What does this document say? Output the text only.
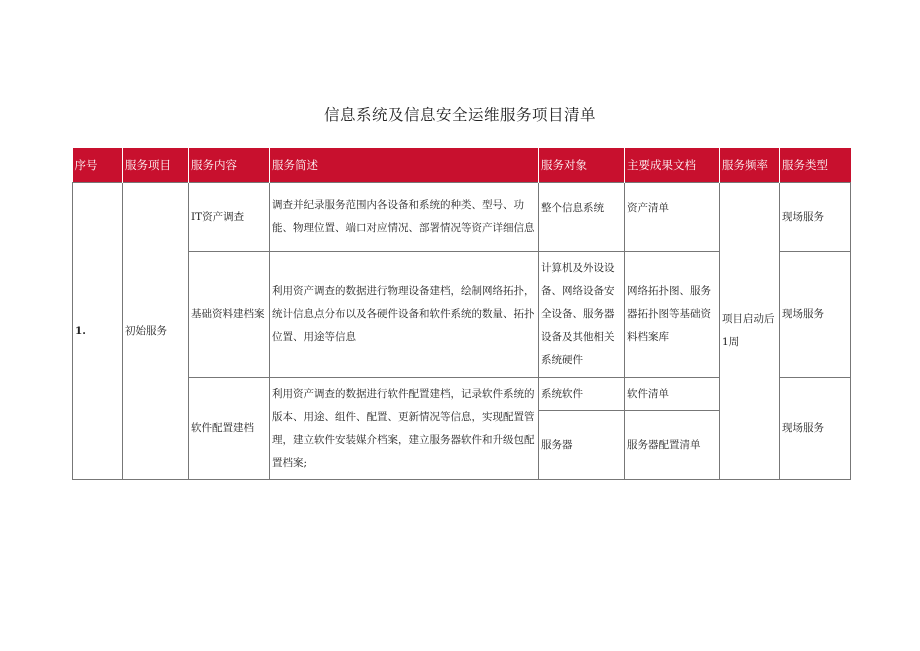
信息系统及信息安全运维服务项目清单
序号	服务项目	服务内容	服务简述	服务对象	主要成果文档	服务频率	服务类型
1.	初始服务	IT资产调查	调查并纪录服务范围内各设备和系统的种类、型号、功能、物理位置、端口对应情况、部署情况等资产详细信息	整个信息系统	资产清单	项目启动后1周	现场服务
		基础资料建档案	利用资产调查的数据进行物理设备建档，绘制网络拓扑，统计信息点分布以及各硬件设备和软件系统的数量、拓扑位置、用途等信息	计算机及外设设备、网络设备安全设备、服务器设备及其他相关系统硬件	网络拓扑图、服务器拓扑图等基础资料档案库		现场服务
		软件配置建档	利用资产调查的数据进行软件配置建档，记录软件系统的版本、用途、组件、配置、更新情况等信息，实现配置管理，建立软件安装媒介档案，建立服务器软件和升级包配置档案;	系统软件	软件清单		现场服务
				服务器	服务器配置清单		
